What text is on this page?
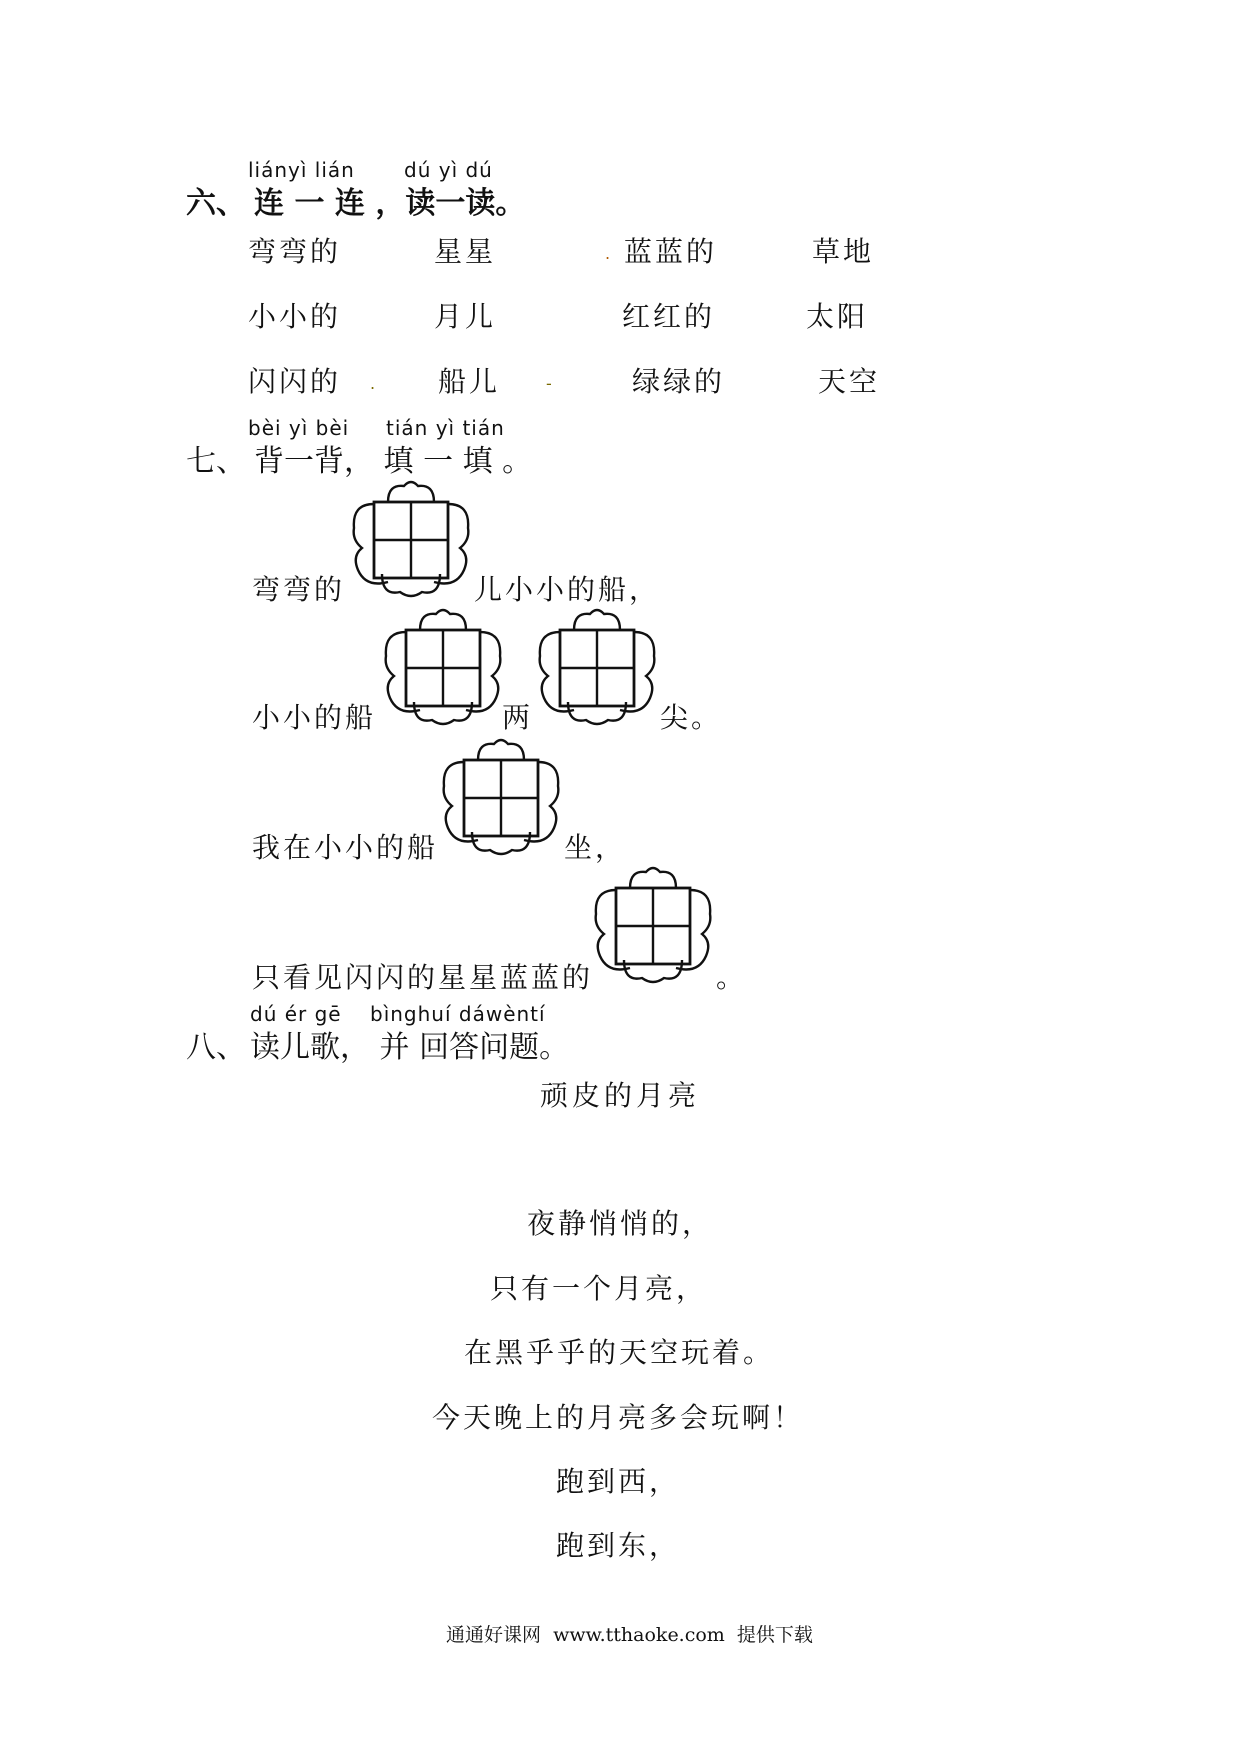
liányì lián dú yì dú
六、 连 一 连 ，读一读。
弯弯的	星星	蓝蓝的	草地
小小的	月儿	红红的	太阳
闪闪的	船儿	绿绿的	天空
.
.	-
bèi yì bèi tián yì tián
七、 背一背， 填 一 填 。
弯弯的	儿小小的船，
小小的船	两	尖。
我在小小的船	坐，
只看见闪闪的星星蓝蓝的	。
dú ér gē bìnghuí dáwèntí
八、 读儿歌， 并 回答问题。
顽皮的月亮
夜静悄悄的，
只有一个月亮，
在黑乎乎的天空玩着。
今天晚上的月亮多会玩啊！
跑到西，
跑到东，
通通好课网  www.tthaoke.com  提供下载
